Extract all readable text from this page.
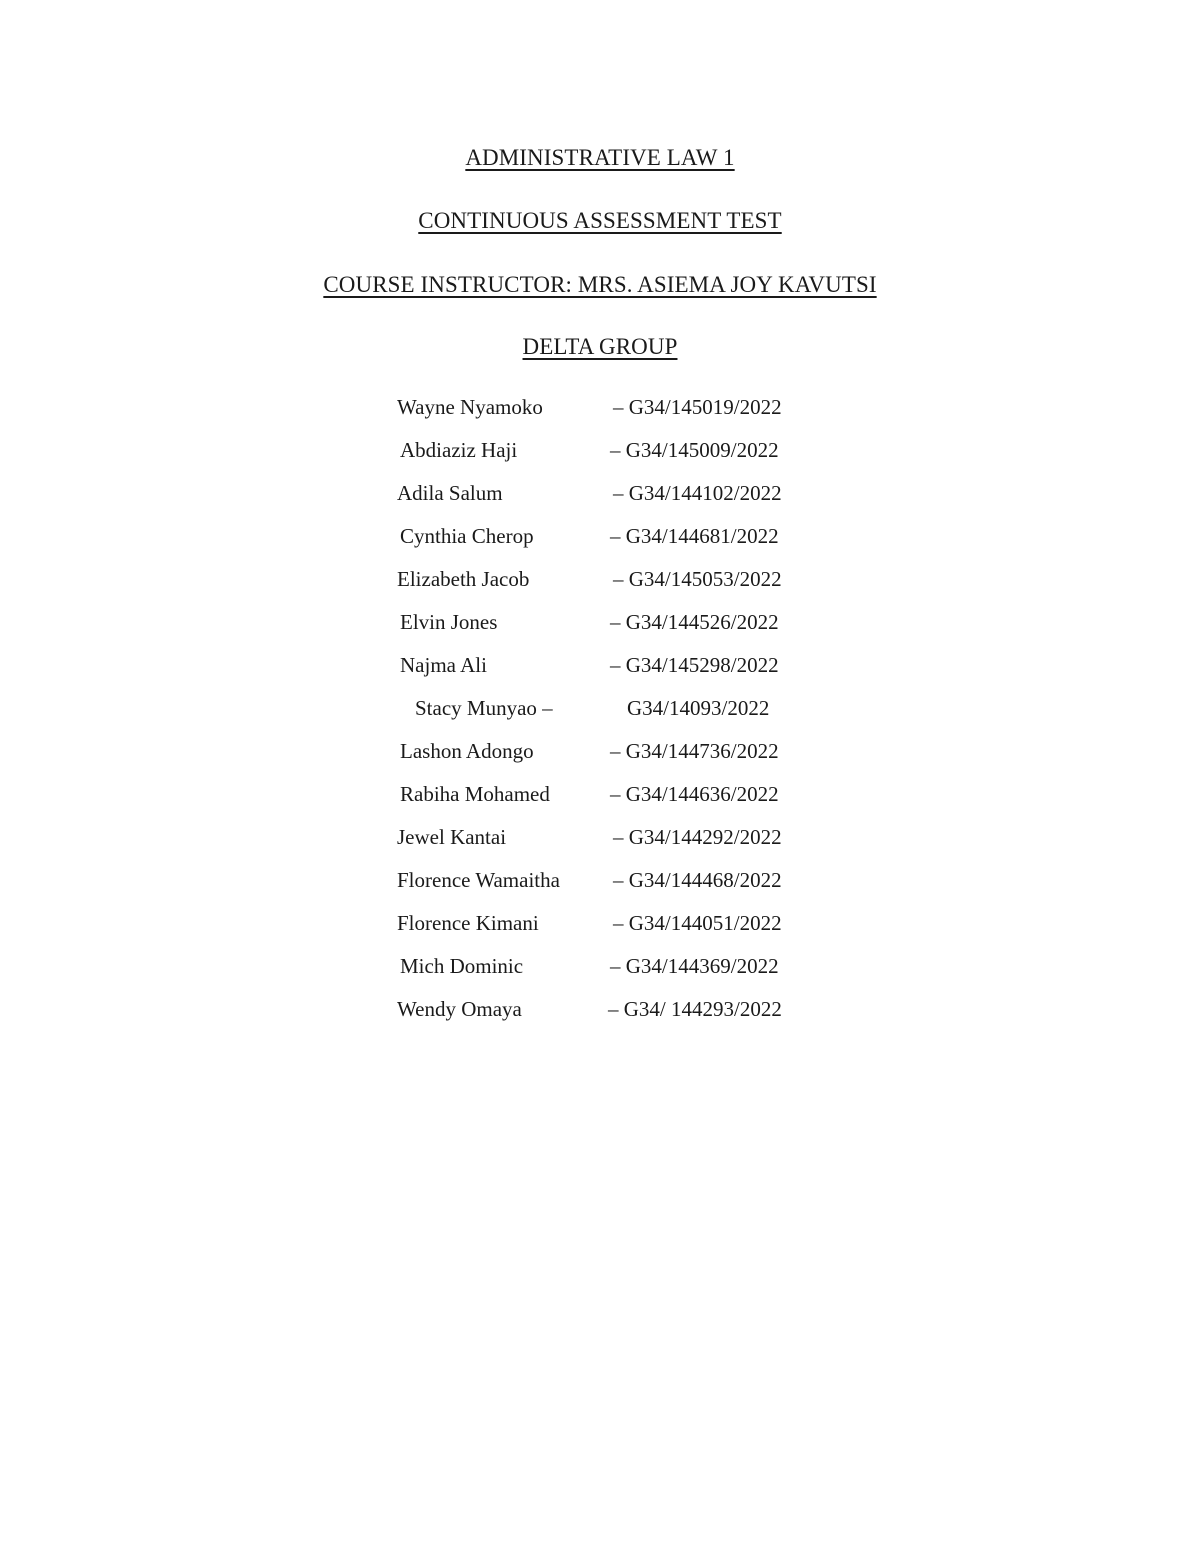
ADMINISTRATIVE LAW 1
CONTINUOUS ASSESSMENT TEST
COURSE INSTRUCTOR: MRS. ASIEMA JOY KAVUTSI
DELTA GROUP
Wayne Nyamoko	– G34/145019/2022
Abdiaziz Haji	– G34/145009/2022
Adila Salum	– G34/144102/2022
Cynthia Cherop	– G34/144681/2022
Elizabeth Jacob	– G34/145053/2022
Elvin Jones	– G34/144526/2022
Najma Ali	– G34/145298/2022
Stacy Munyao –	G34/14093/2022
Lashon Adongo	– G34/144736/2022
Rabiha Mohamed	– G34/144636/2022
Jewel Kantai	– G34/144292/2022
Florence Wamaitha	– G34/144468/2022
Florence Kimani	– G34/144051/2022
Mich Dominic	– G34/144369/2022
Wendy Omaya	– G34/ 144293/2022
